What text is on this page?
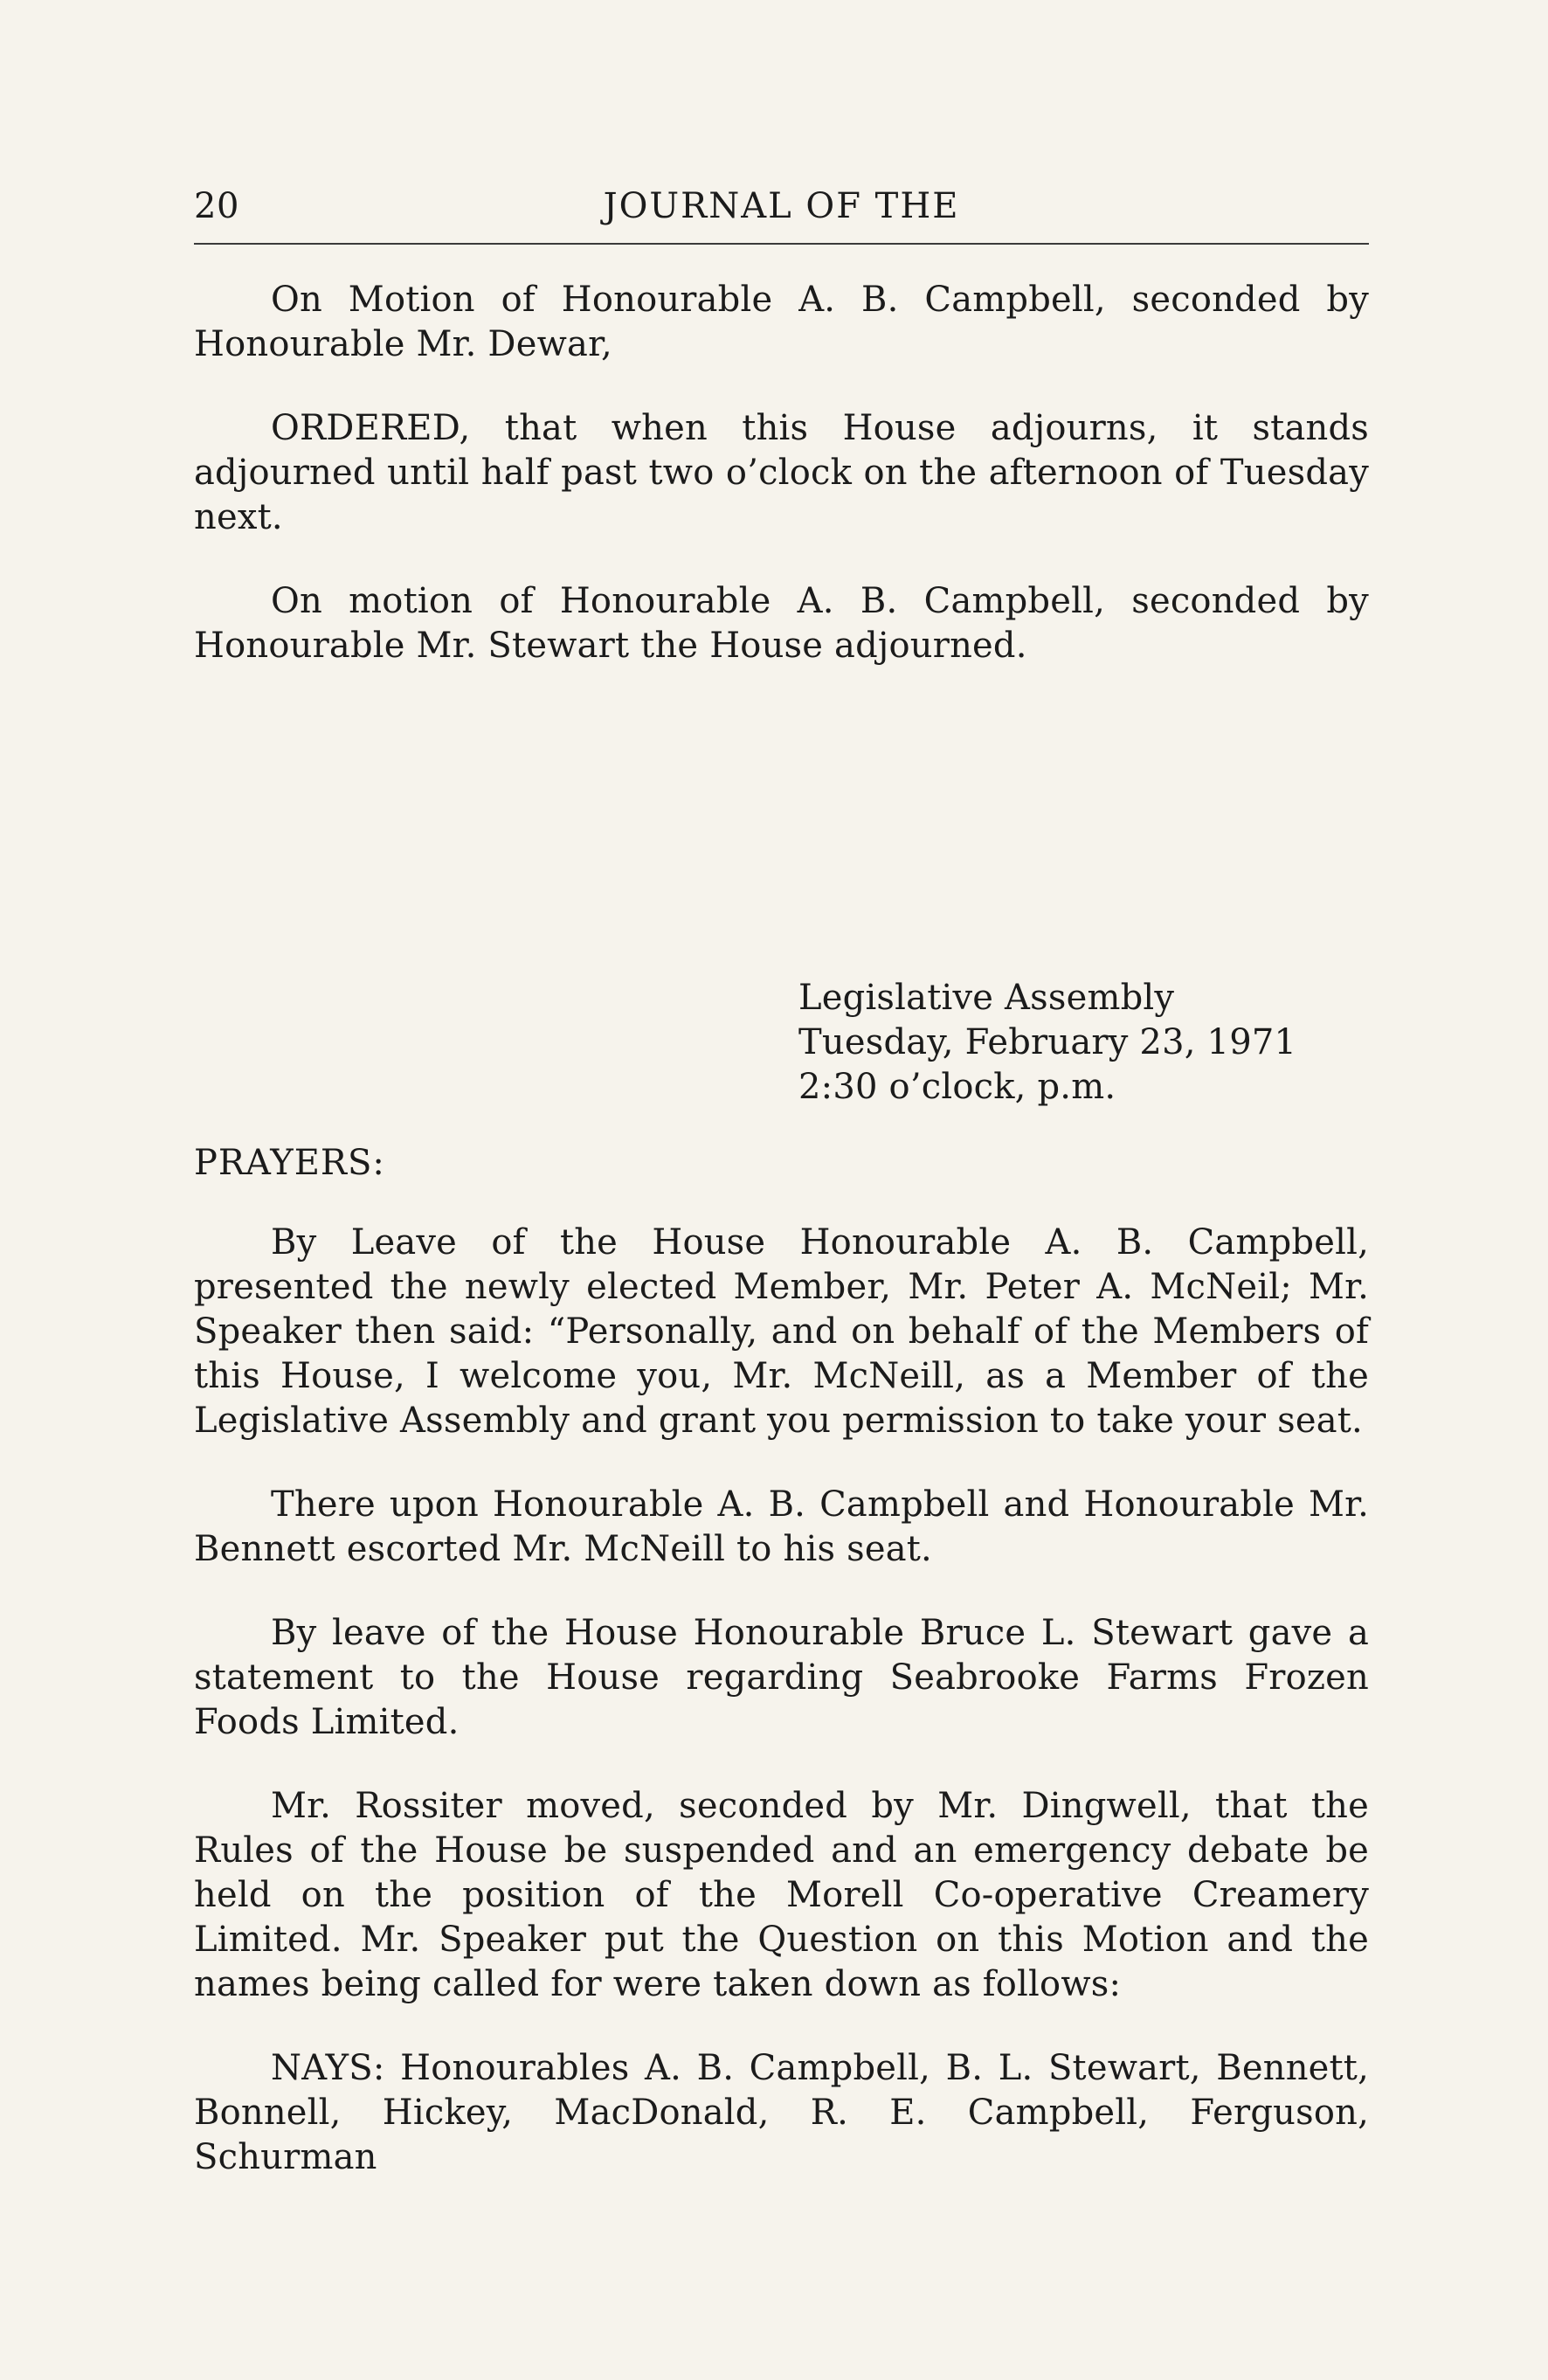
20	JOURNAL OF THE

On Motion of Honourable A. B. Campbell, seconded by Honourable Mr. Dewar,

ORDERED, that when this House adjourns, it stands adjourned until half past two o’clock on the afternoon of Tuesday next.

On motion of Honourable A. B. Campbell, seconded by Honourable Mr. Stewart the House adjourned.

Legislative Assembly
Tuesday, February 23, 1971
2:30 o’clock, p.m.

PRAYERS:

By Leave of the House Honourable A. B. Campbell, presented the newly elected Member, Mr. Peter A. McNeil; Mr. Speaker then said: “Personally, and on behalf of the Members of this House, I welcome you, Mr. McNeill, as a Member of the Legislative Assembly and grant you permission to take your seat.

There upon Honourable A. B. Campbell and Honourable Mr. Bennett escorted Mr. McNeill to his seat.

By leave of the House Honourable Bruce L. Stewart gave a statement to the House regarding Seabrooke Farms Frozen Foods Limited.

Mr. Rossiter moved, seconded by Mr. Dingwell, that the Rules of the House be suspended and an emergency debate be held on the position of the Morell Co-operative Creamery Limited. Mr. Speaker put the Question on this Motion and the names being called for were taken down as follows:

NAYS: Honourables A. B. Campbell, B. L. Stewart, Bennett, Bonnell, Hickey, MacDonald, R. E. Campbell, Ferguson, Schurman
